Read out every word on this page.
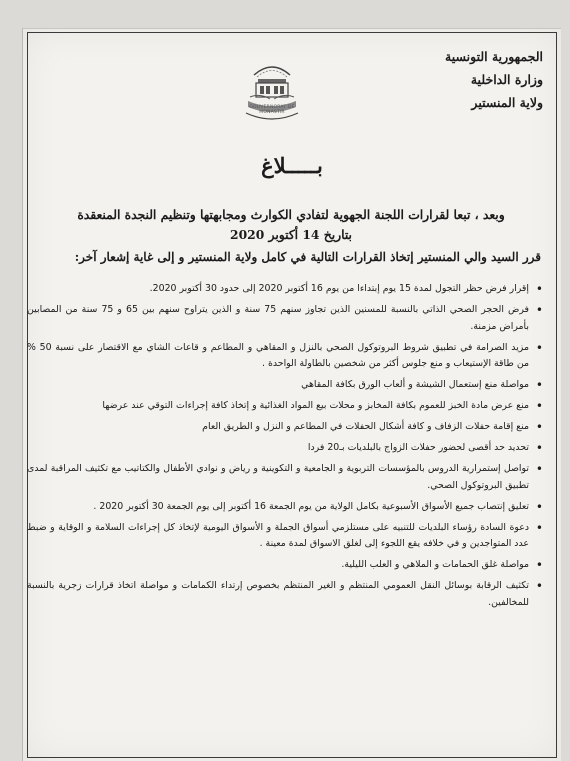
الجمهورية التونسية
وزارة الداخلية
ولاية المنستير
GOUVERNORAT DE MONASTIR
بـــــلاغ
وبعد ، تبعا لقرارات اللجنة الجهوية لتفادي الكوارث ومجابهتها وتنظيم النجدة المنعقدة
بتاريخ 14 أكتوبر 2020
قرر السيد والي المنستير إتخاذ القرارات التالية في كامل ولاية المنستير و إلى غاية إشعار آخر:
• إقرار فرض حظر التجول لمدة 15 يوم إبتداءا من يوم 16 أكتوبر 2020 إلى حدود 30 أكتوبر 2020.
• فرض الحجر الصحي الذاتي بالنسبة للمسنين الذين تجاوز سنهم 75 سنة و الذين يتراوح سنهم بين 65 و 75 سنة من المصابين بأمراض مزمنة.
• مزيد الصرامة في تطبيق شروط البروتوكول الصحي بالنزل و المقاهي و المطاعم و قاعات الشاي مع الاقتصار على نسبة 50 % من طاقة الإستيعاب و منع جلوس أكثر من شخصين بالطاولة الواحدة .
• مواصلة منع إستعمال الشيشة و ألعاب الورق بكافة المقاهي
• منع عرض مادة الخبز للعموم بكافة المخابز و محلات بيع المواد الغذائية و إتخاذ كافة إجراءات التوقي عند عرضها
• منع إقامة حفلات الزفاف و كافة أشكال الحفلات في المطاعم و النزل و الطريق العام
• تحديد حد أقصى لحضور حفلات الزواج بالبلديات بـ20 فردا
• تواصل إستمرارية الدروس بالمؤسسات التربوية و الجامعية و التكوينية و رياض و نوادي الأطفال والكتاتيب مع تكثيف المراقبة لمدى تطبيق البروتوكول الصحي.
• تعليق إنتصاب جميع الأسواق الأسبوعية بكامل الولاية من يوم الجمعة 16 أكتوبر إلى يوم الجمعة 30 أكتوبر 2020 .
• دعوة السادة رؤساء البلديات للتنبيه على مستلزمي أسواق الجملة و الأسواق اليومية لإتخاذ كل إجراءات السلامة و الوقاية و ضبط عدد المتواجدين و في خلافه يقع اللجوء إلى لغلق الاسواق لمدة معينة .
• مواصلة غلق الحمامات و الملاهي و العلب الليلية.
• تكثيف الرقابة بوسائل النقل العمومي المنتظم و الغير المنتظم بخصوص إرتداء الكمامات و مواصلة اتخاذ قرارات زجرية بالنسبة للمخالفين.
